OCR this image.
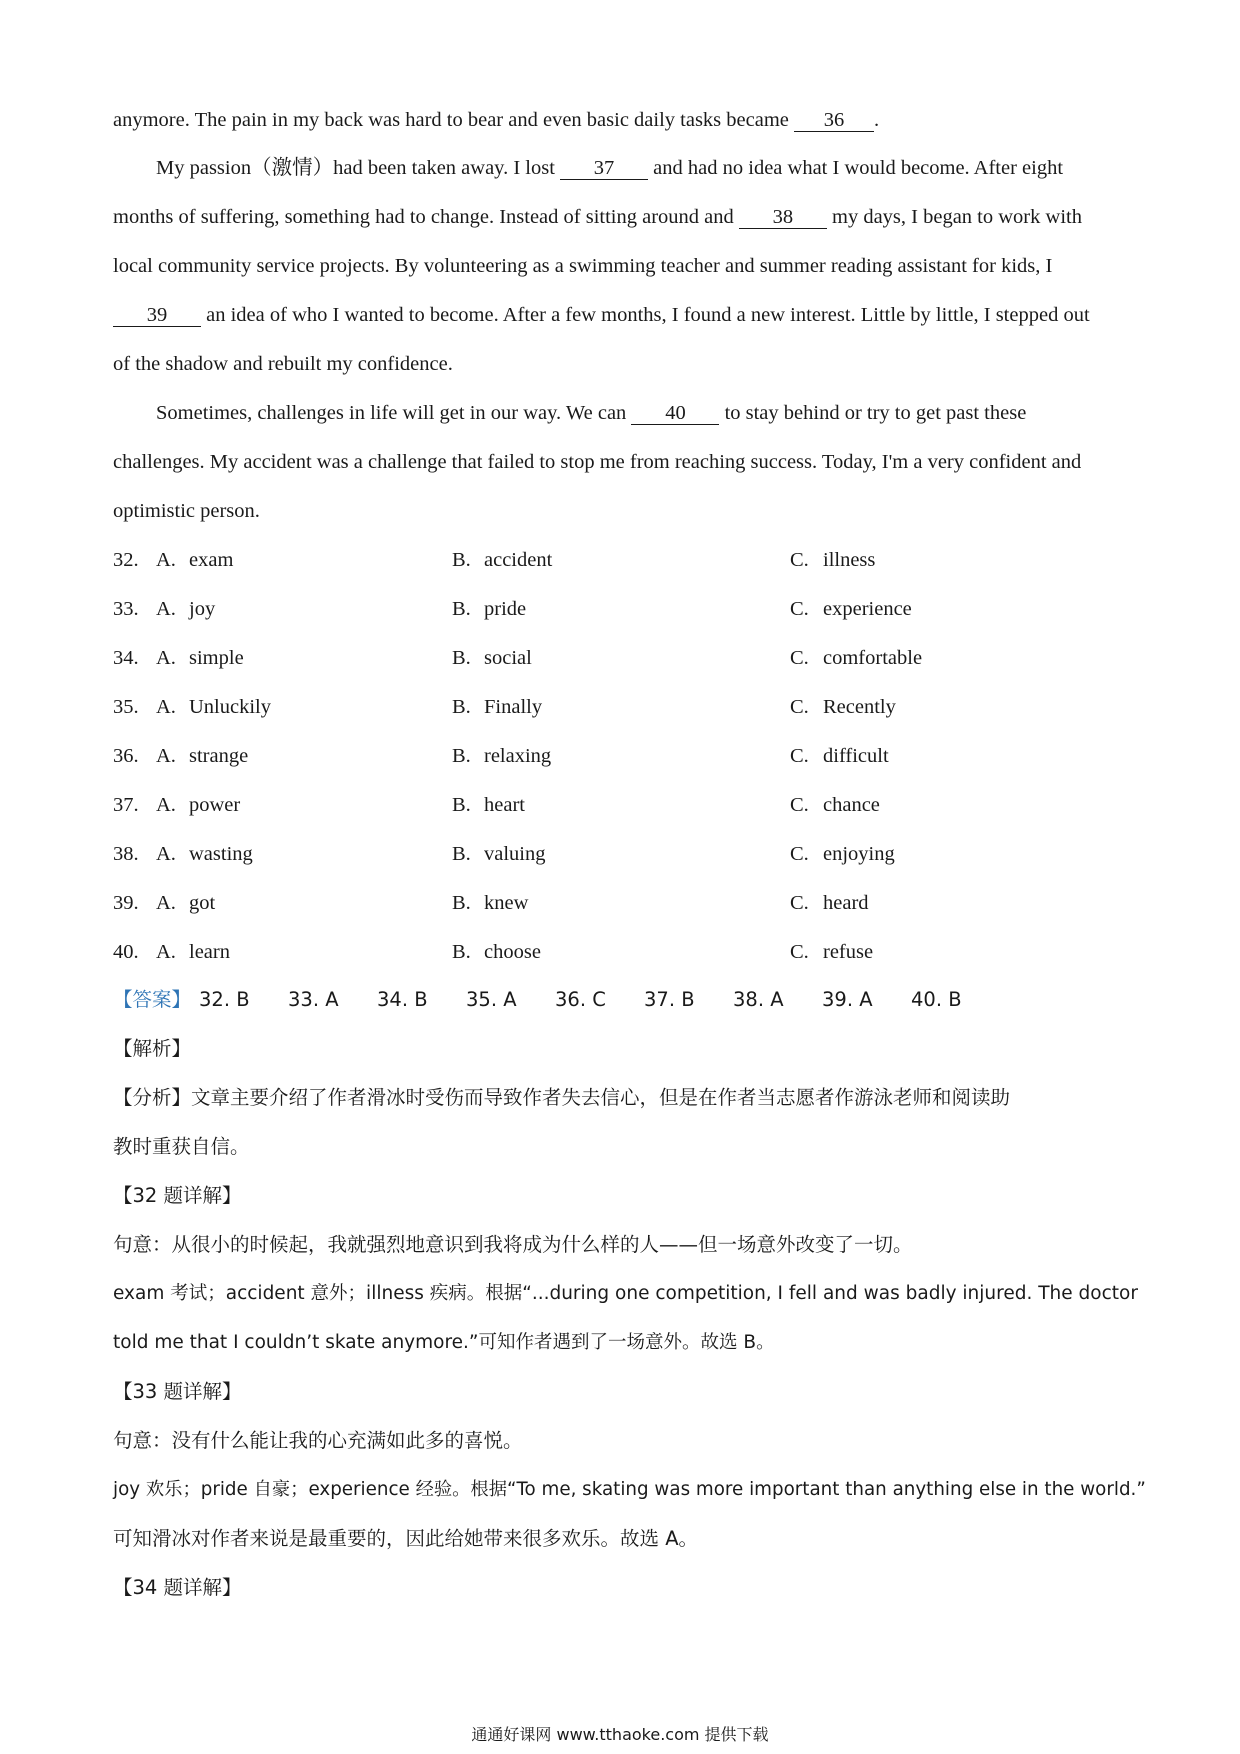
anymore. The pain in my back was hard to bear and even basic daily tasks became 36 .
My passion（激情）had been taken away. I lost 37 and had no idea what I would become. After eight
months of suffering, something had to change. Instead of sitting around and 38 my days, I began to work with
local community service projects. By volunteering as a swimming teacher and summer reading assistant for kids, I
39 an idea of who I wanted to become. After a few months, I found a new interest. Little by little, I stepped out
of the shadow and rebuilt my confidence.
Sometimes, challenges in life will get in our way. We can 40 to stay behind or try to get past these
challenges. My accident was a challenge that failed to stop me from reaching success. Today, I'm a very confident and
optimistic person.
32. A. exam	B. accident	C. illness
33. A. joy	B. pride	C. experience
34. A. simple	B. social	C. comfortable
35. A. Unluckily	B. Finally	C. Recently
36. A. strange	B. relaxing	C. difficult
37. A. power	B. heart	C. chance
38. A. wasting	B. valuing	C. enjoying
39. A. got	B. knew	C. heard
40. A. learn	B. choose	C. refuse
【答案】 32. B 33. A 34. B 35. A 36. C 37. B 38. A 39. A 40. B
【解析】
【分析】文章主要介绍了作者滑冰时受伤而导致作者失去信心，但是在作者当志愿者作游泳老师和阅读助
教时重获自信。
【32 题详解】
句意：从很小的时候起，我就强烈地意识到我将成为什么样的人——但一场意外改变了一切。
exam 考试；accident 意外；illness 疾病。根据“...during one competition, I fell and was badly injured. The doctor
told me that I couldn’t skate anymore.”可知作者遇到了一场意外。故选 B。
【33 题详解】
句意：没有什么能让我的心充满如此多的喜悦。
joy 欢乐；pride 自豪；experience 经验。根据“To me, skating was more important than anything else in the world.”
可知滑冰对作者来说是最重要的，因此给她带来很多欢乐。故选 A。
【34 题详解】
通通好课网 www.tthaoke.com 提供下载
